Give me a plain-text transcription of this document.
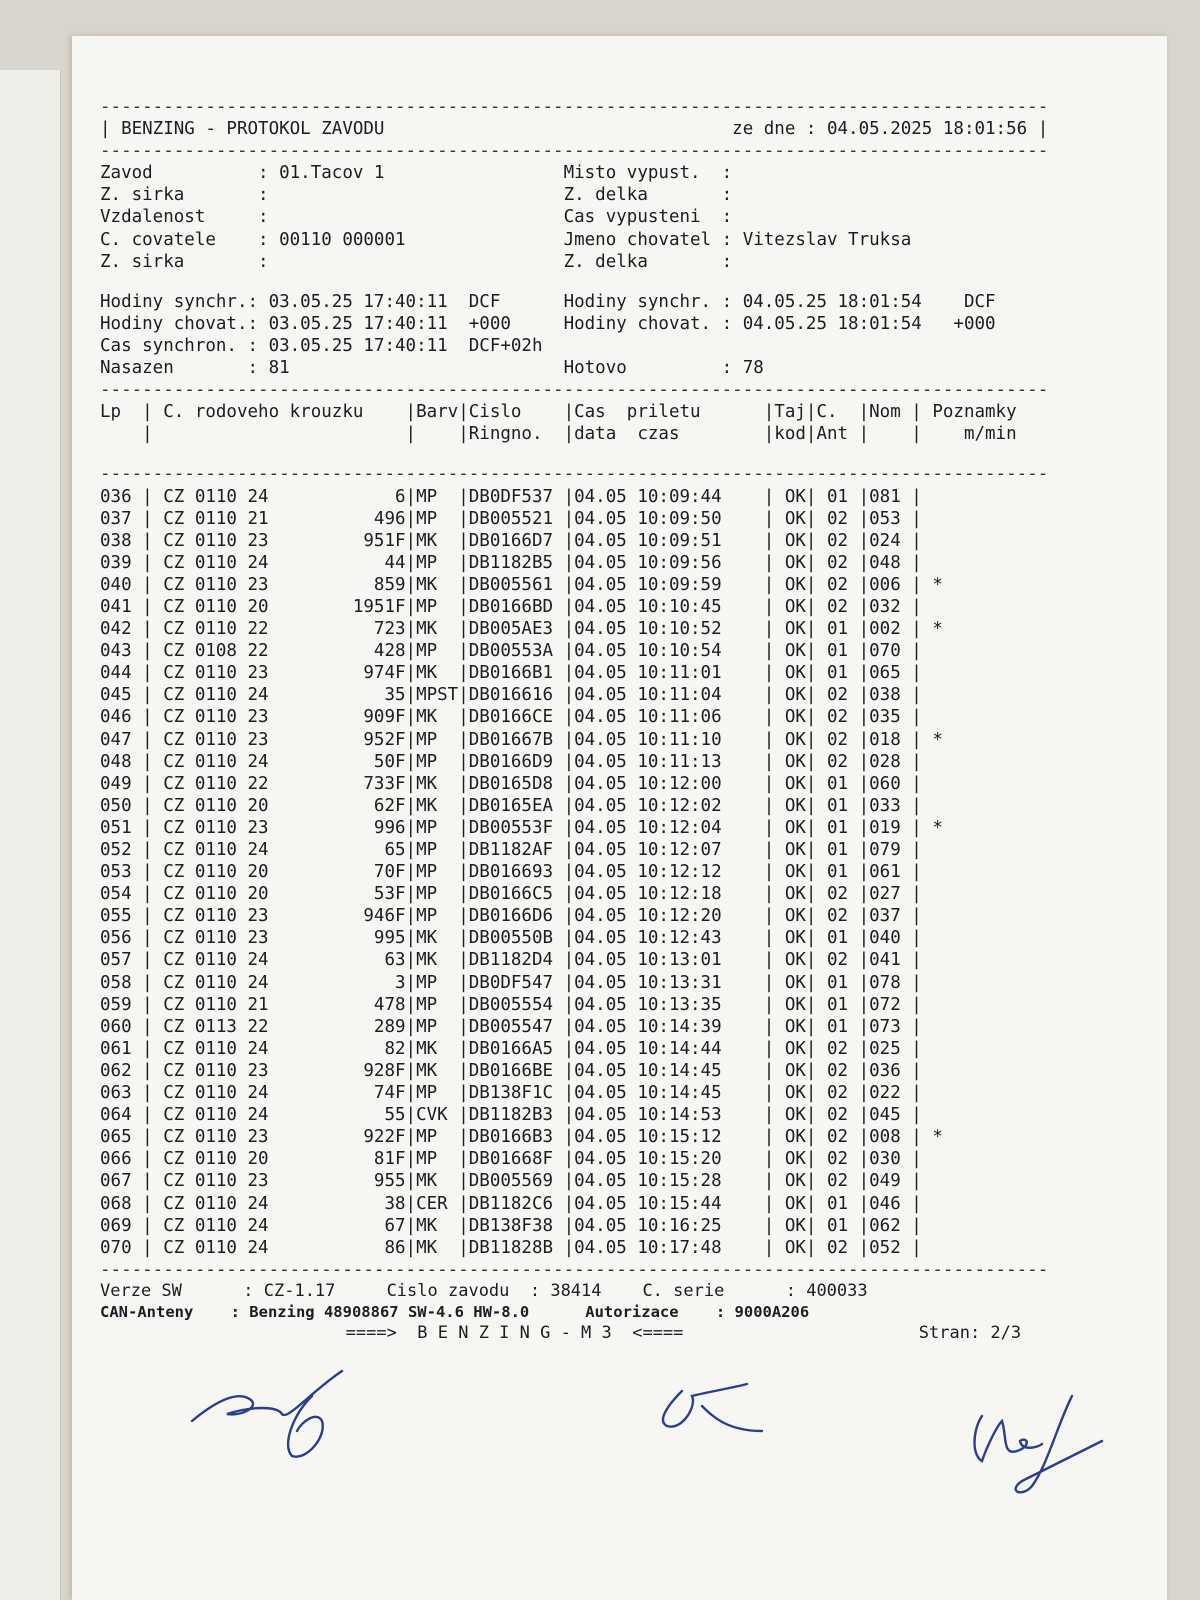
------------------------------------------------------------------------------------------
| BENZING - PROTOKOL ZAVODU                                 ze dne : 04.05.2025 18:01:56 |
------------------------------------------------------------------------------------------
Zavod          : 01.Tacov 1                 Misto vypust.  :
Z. sirka       :                            Z. delka       :
Vzdalenost     :                            Cas vypusteni  :
C. covatele    : 00110 000001               Jmeno chovatel : Vitezslav Truksa
Z. sirka       :                            Z. delka       :
Hodiny synchr.: 03.05.25 17:40:11  DCF      Hodiny synchr. : 04.05.25 18:01:54    DCF
Hodiny chovat.: 03.05.25 17:40:11  +000     Hodiny chovat. : 04.05.25 18:01:54   +000
Cas synchron. : 03.05.25 17:40:11  DCF+02h
Nasazen       : 81                          Hotovo         : 78
------------------------------------------------------------------------------------------
Lp  | C. rodoveho krouzku    |Barv|Cislo    |Cas  priletu      |Taj|C.  |Nom | Poznamky
|                        |    |Ringno.  |data  czas        |kod|Ant |    |    m/min
------------------------------------------------------------------------------------------
036 | CZ 0110 24            6|MP  |DB0DF537 |04.05 10:09:44    | OK| 01 |081 |
037 | CZ 0110 21          496|MP  |DB005521 |04.05 10:09:50    | OK| 02 |053 |
038 | CZ 0110 23         951F|MK  |DB0166D7 |04.05 10:09:51    | OK| 02 |024 |
039 | CZ 0110 24           44|MP  |DB1182B5 |04.05 10:09:56    | OK| 02 |048 |
040 | CZ 0110 23          859|MK  |DB005561 |04.05 10:09:59    | OK| 02 |006 | *
041 | CZ 0110 20        1951F|MP  |DB0166BD |04.05 10:10:45    | OK| 02 |032 |
042 | CZ 0110 22          723|MK  |DB005AE3 |04.05 10:10:52    | OK| 01 |002 | *
043 | CZ 0108 22          428|MP  |DB00553A |04.05 10:10:54    | OK| 01 |070 |
044 | CZ 0110 23         974F|MK  |DB0166B1 |04.05 10:11:01    | OK| 01 |065 |
045 | CZ 0110 24           35|MPST|DB016616 |04.05 10:11:04    | OK| 02 |038 |
046 | CZ 0110 23         909F|MK  |DB0166CE |04.05 10:11:06    | OK| 02 |035 |
047 | CZ 0110 23         952F|MP  |DB01667B |04.05 10:11:10    | OK| 02 |018 | *
048 | CZ 0110 24          50F|MP  |DB0166D9 |04.05 10:11:13    | OK| 02 |028 |
049 | CZ 0110 22         733F|MK  |DB0165D8 |04.05 10:12:00    | OK| 01 |060 |
050 | CZ 0110 20          62F|MK  |DB0165EA |04.05 10:12:02    | OK| 01 |033 |
051 | CZ 0110 23          996|MP  |DB00553F |04.05 10:12:04    | OK| 01 |019 | *
052 | CZ 0110 24           65|MP  |DB1182AF |04.05 10:12:07    | OK| 01 |079 |
053 | CZ 0110 20          70F|MP  |DB016693 |04.05 10:12:12    | OK| 01 |061 |
054 | CZ 0110 20          53F|MP  |DB0166C5 |04.05 10:12:18    | OK| 02 |027 |
055 | CZ 0110 23         946F|MP  |DB0166D6 |04.05 10:12:20    | OK| 02 |037 |
056 | CZ 0110 23          995|MK  |DB00550B |04.05 10:12:43    | OK| 01 |040 |
057 | CZ 0110 24           63|MK  |DB1182D4 |04.05 10:13:01    | OK| 02 |041 |
058 | CZ 0110 24            3|MP  |DB0DF547 |04.05 10:13:31    | OK| 01 |078 |
059 | CZ 0110 21          478|MP  |DB005554 |04.05 10:13:35    | OK| 01 |072 |
060 | CZ 0113 22          289|MP  |DB005547 |04.05 10:14:39    | OK| 01 |073 |
061 | CZ 0110 24           82|MK  |DB0166A5 |04.05 10:14:44    | OK| 02 |025 |
062 | CZ 0110 23         928F|MK  |DB0166BE |04.05 10:14:45    | OK| 02 |036 |
063 | CZ 0110 24          74F|MP  |DB138F1C |04.05 10:14:45    | OK| 02 |022 |
064 | CZ 0110 24           55|CVK |DB1182B3 |04.05 10:14:53    | OK| 02 |045 |
065 | CZ 0110 23         922F|MP  |DB0166B3 |04.05 10:15:12    | OK| 02 |008 | *
066 | CZ 0110 20          81F|MP  |DB01668F |04.05 10:15:20    | OK| 02 |030 |
067 | CZ 0110 23          955|MK  |DB005569 |04.05 10:15:28    | OK| 02 |049 |
068 | CZ 0110 24           38|CER |DB1182C6 |04.05 10:15:44    | OK| 01 |046 |
069 | CZ 0110 24           67|MK  |DB138F38 |04.05 10:16:25    | OK| 01 |062 |
070 | CZ 0110 24           86|MK  |DB11828B |04.05 10:17:48    | OK| 02 |052 |
------------------------------------------------------------------------------------------
Verze SW      : CZ-1.17     Cislo zavodu  : 38414    C. serie      : 400033
CAN-Anteny    : Benzing 48908867 SW-4.6 HW-8.0      Autorizace    : 9000A206
====>  B E N Z I N G - M 3  <====                       Stran: 2/3
